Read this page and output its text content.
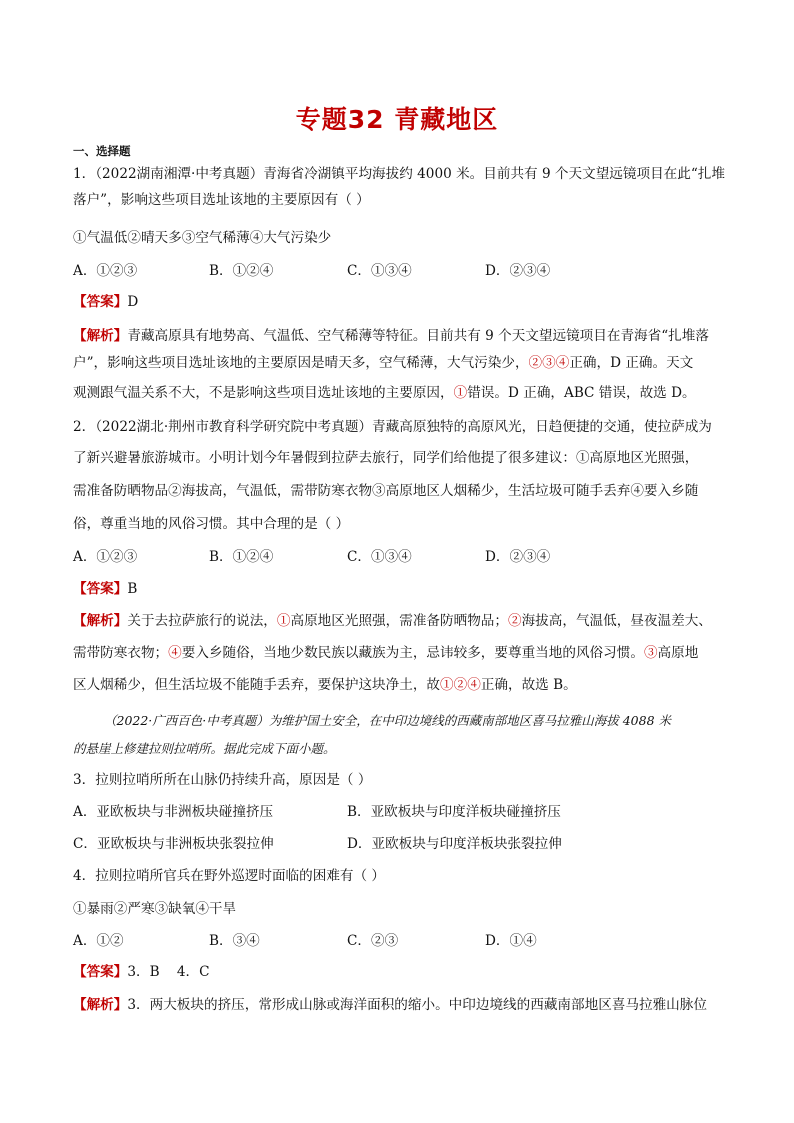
专题32 青藏地区
一、选择题
1．（2022湖南湘潭·中考真题）青海省冷湖镇平均海拔约 4000 米。目前共有 9 个天文望远镜项目在此“扎堆
落户”，影响这些项目选址该地的主要原因有（ ）
①气温低②晴天多③空气稀薄④大气污染少
A．①②③	B．①②④	C．①③④	D．②③④
【答案】D
【解析】青藏高原具有地势高、气温低、空气稀薄等特征。目前共有 9 个天文望远镜项目在青海省“扎堆落
户”，影响这些项目选址该地的主要原因是晴天多，空气稀薄，大气污染少，②③④正确，D 正确。天文
观测跟气温关系不大，不是影响这些项目选址该地的主要原因，①错误。D 正确，ABC 错误，故选 D。
2．（2022湖北·荆州市教育科学研究院中考真题）青藏高原独特的高原风光，日趋便捷的交通，使拉萨成为
了新兴避暑旅游城市。小明计划今年暑假到拉萨去旅行，同学们给他提了很多建议：①高原地区光照强，
需准备防晒物品②海拔高，气温低，需带防寒衣物③高原地区人烟稀少，生活垃圾可随手丢弃④要入乡随
俗，尊重当地的风俗习惯。其中合理的是（ ）
A．①②③	B．①②④	C．①③④	D．②③④
【答案】B
【解析】关于去拉萨旅行的说法，①高原地区光照强，需准备防晒物品；②海拔高，气温低，昼夜温差大、
需带防寒衣物；④要入乡随俗，当地少数民族以藏族为主，忌讳较多，要尊重当地的风俗习惯。③高原地
区人烟稀少，但生活垃圾不能随手丢弃，要保护这块净土，故①②④正确，故选 B。
（2022·广西百色·中考真题）为维护国土安全，在中印边境线的西藏南部地区喜马拉雅山海拔 4088 米
的悬崖上修建拉则拉哨所。据此完成下面小题。
3．拉则拉哨所所在山脉仍持续升高，原因是（ ）
A．亚欧板块与非洲板块碰撞挤压	B．亚欧板块与印度洋板块碰撞挤压
C．亚欧板块与非洲板块张裂拉伸	D．亚欧板块与印度洋板块张裂拉伸
4．拉则拉哨所官兵在野外巡逻时面临的困难有（ ）
①暴雨②严寒③缺氧④干旱
A．①②	B．③④	C．②③	D．①④
【答案】3．B    4．C
【解析】3．两大板块的挤压，常形成山脉或海洋面积的缩小。中印边境线的西藏南部地区喜马拉雅山脉位
